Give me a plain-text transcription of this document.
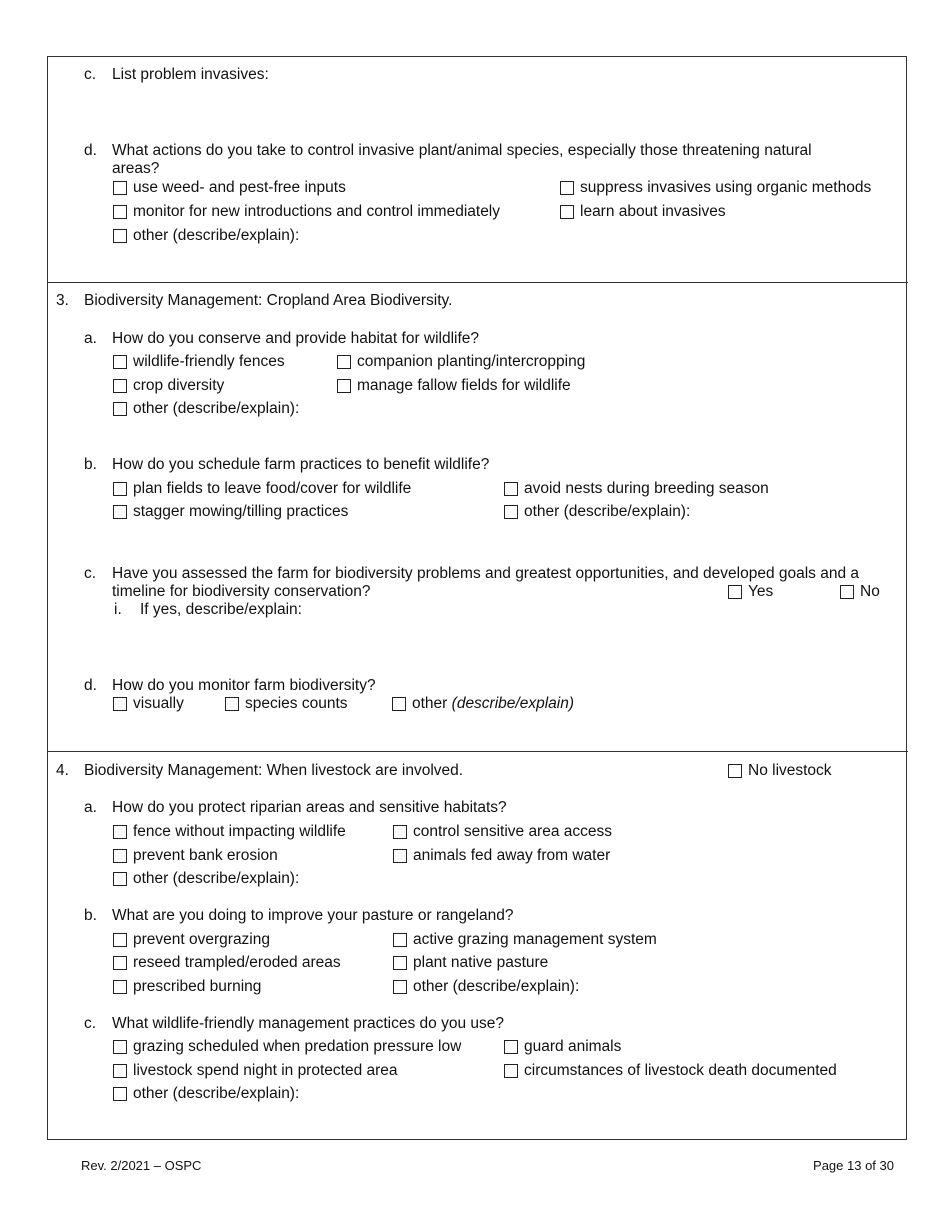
c. List problem invasives:
d. What actions do you take to control invasive plant/animal species, especially those threatening natural
areas?
use weed- and pest-free inputs	suppress invasives using organic methods
monitor for new introductions and control immediately	learn about invasives
other (describe/explain):
3. Biodiversity Management: Cropland Area Biodiversity.
a. How do you conserve and provide habitat for wildlife?
wildlife-friendly fences	companion planting/intercropping
crop diversity	manage fallow fields for wildlife
other (describe/explain):
b. How do you schedule farm practices to benefit wildlife?
plan fields to leave food/cover for wildlife	avoid nests during breeding season
stagger mowing/tilling practices	other (describe/explain):
c. Have you assessed the farm for biodiversity problems and greatest opportunities, and developed goals and a
timeline for biodiversity conservation?	Yes	No
i. If yes, describe/explain:
d. How do you monitor farm biodiversity?
visually	species counts	other
(describe/explain)
4. Biodiversity Management: When livestock are involved.	No livestock
a. How do you protect riparian areas and sensitive habitats?
fence without impacting wildlife	control sensitive area access
prevent bank erosion	animals fed away from water
other (describe/explain):
b. What are you doing to improve your pasture or rangeland?
prevent overgrazing	active grazing management system
reseed trampled/eroded areas	plant native pasture
prescribed burning	other (describe/explain):
c. What wildlife-friendly management practices do you use?
grazing scheduled when predation pressure low	guard animals
livestock spend night in protected area	circumstances of livestock death documented
other (describe/explain):
Rev. 2/2021 – OSPC	Page 13 of 30
